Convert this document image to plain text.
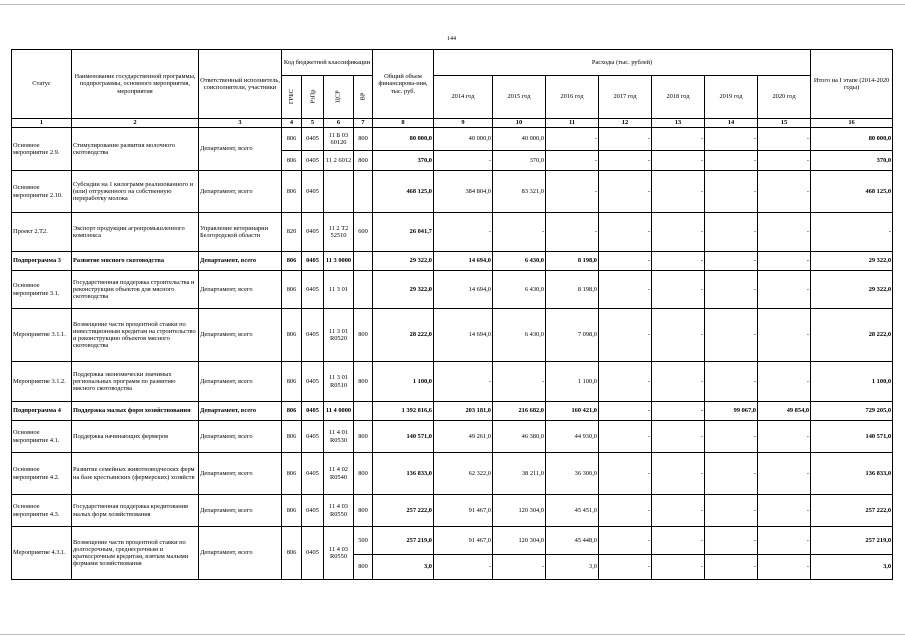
144
Статус	Наименование государственной программы, подпрограммы, основного мероприятия, мероприятия	Ответственный исполнитель, соисполнители, участники	Код бюджетной классификации				Общий объем финансирова-ния, тыс. руб.	Расходы (тыс. рублей)							Итого на I этапе (2014-2020 годы)
			ГРБС	РзПр	ЦСР	ВР		2014 год	2015 год	2016 год	2017 год	2018 год	2019 год	2020 год	
1	2	3	4	5	6	7	8	9	10	11	12	13	14	15	16
Основное мероприятие 2.9.	Стимулирование развития молочного скотоводства	Департамент, всего	806	0405	11 Б 03 60120	800	80 000,0	40 000,0	40 000,0	-	-	-	-	-	80 000,0
			806	0405	11 2 6012	800	370,0	-	370,0	-	-	-	-	-	370,0
Основное мероприятие 2.10.	Субсидии на 1 килограмм реализованного и (или) отгруженного на собственную переработку молока	Департамент, всего	806	0405			468 125,0	384 804,0	83 321,0	-	-	-	-	-	468 125,0
Проект 2.Т2.	Экспорт продукции агропромышленного комплекса	Управление ветеринарии Белгородской области	820	0405	11 2 Т2 52510	600	26 041,7	-	-	-	-	-	-	-	-
Подпрограмма 3	Развитие мясного скотоводства	Департамент, всего	806	0405	11 3 0000		29 322,0	14 694,0	6 430,0	8 198,0	-	-	-	-	29 322,0
Основное мероприятие 3.1.	Государственная поддержка строительства и реконструкции объектов для мясного скотоводства	Департамент, всего	806	0405	11 3 01		29 322,0	14 694,0	6 430,0	8 198,0	-	-	-	-	29 322,0
Мероприятие 3.1.1.	Возмещение части процентной ставки по инвестиционным кредитам на строительство и реконструкцию объектов мясного скотоводства	Департамент, всего	806	0405	11 3 01 R0520	800	28 222,0	14 694,0	6 430,0	7 098,0	-	-	-	-	28 222,0
Мероприятие 3.1.2.	Поддержка экономически значимых региональных программ по развитию мясного скотоводства	Департамент, всего	806	0405	11 3 01 R0510	800	1 100,0	-	-	1 100,0	-	-	-	-	1 100,0
Подпрограмма 4	Поддержка малых форм хозяйствования	Департамент, всего	806	0405	11 4 0000		1 392 816,6	203 181,0	216 682,0	160 421,0	-	-	99 067,0	49 854,0	729 205,0
Основное мероприятие 4.1.	Поддержка начинающих фермеров	Департамент, всего	806	0405	11 4 01 R0530	800	140 571,0	49 261,0	46 380,0	44 930,0	-	-	-	-	140 571,0
Основное мероприятие 4.2.	Развитие семейных животноводческих ферм на базе крестьянских (фермерских) хозяйств	Департамент, всего	806	0405	11 4 02 R0540	800	136 833,0	62 322,0	38 211,0	36 300,0	-	-	-	-	136 833,0
Основное мероприятие 4.3.	Государственная поддержка кредитования малых форм хозяйствования	Департамент, всего	806	0405	11 4 03 R0550	800	257 222,0	91 467,0	120 304,0	45 451,0	-	-	-	-	257 222,0
Мероприятие 4.3.1.	Возмещение части процентной ставки по долгосрочным, среднесрочным и краткосрочным кредитам, взятым малыми формами хозяйствования	Департамент, всего	806	0405	11 4 03 R0550	500	257 219,0	91 467,0	120 304,0	45 448,0	-	-	-	-	257 219,0
						800	3,0	-	-	3,0	-	-	-	-	3,0
